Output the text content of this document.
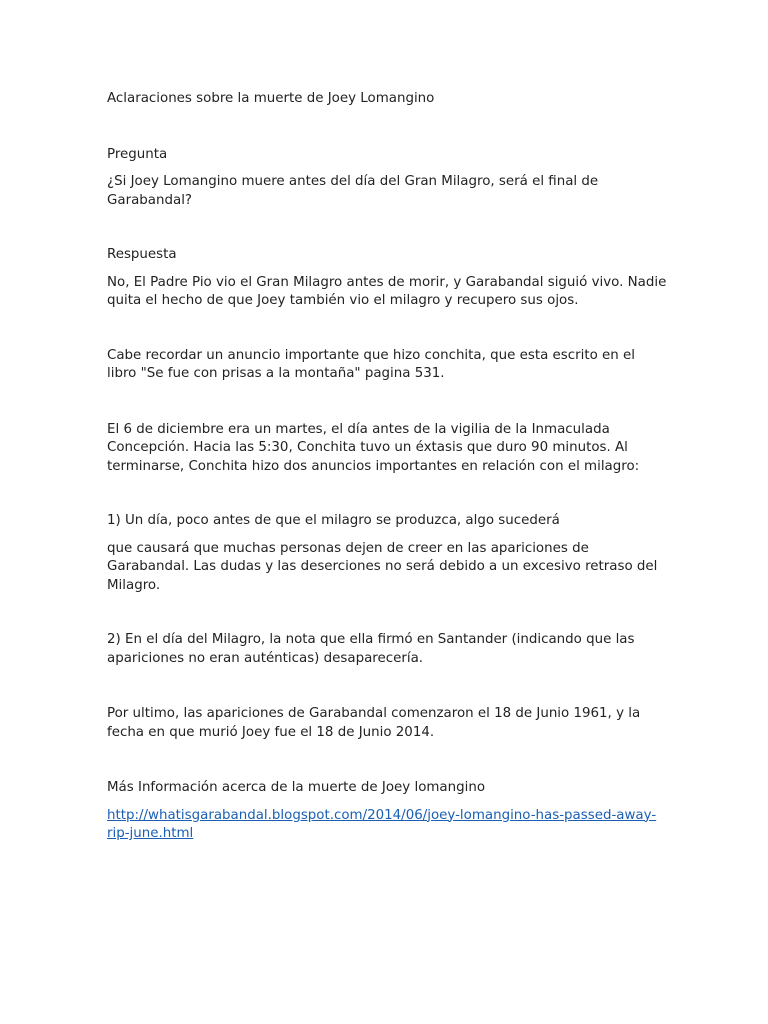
Aclaraciones sobre la muerte de Joey Lomangino

Pregunta

¿Si Joey Lomangino muere antes del día del Gran Milagro, será el final de Garabandal?

Respuesta

No, El Padre Pio vio el Gran Milagro antes de morir, y Garabandal siguió vivo. Nadie quita el hecho de que Joey también vio el milagro y recupero sus ojos.

Cabe recordar un anuncio importante que hizo conchita, que esta escrito en el libro "Se fue con prisas a la montaña" pagina 531.

El 6 de diciembre era un martes, el día antes de la vigilia de la Inmaculada Concepción. Hacia las 5:30, Conchita tuvo un éxtasis que duro 90 minutos. Al terminarse, Conchita hizo dos anuncios importantes en relación con el milagro:

1) Un día, poco antes de que el milagro se produzca, algo sucederá

que causará que muchas personas dejen de creer en las apariciones de Garabandal. Las dudas y las deserciones no será debido a un excesivo retraso del Milagro.

2) En el día del Milagro, la nota que ella firmó en Santander (indicando que las apariciones no eran auténticas) desaparecería.

Por ultimo, las apariciones de Garabandal comenzaron el 18 de Junio 1961, y la fecha en que murió Joey fue el 18 de Junio 2014.

Más Información acerca de la muerte de Joey lomangino

http://whatisgarabandal.blogspot.com/2014/06/joey-lomangino-has-passed-away-rip-june.html
